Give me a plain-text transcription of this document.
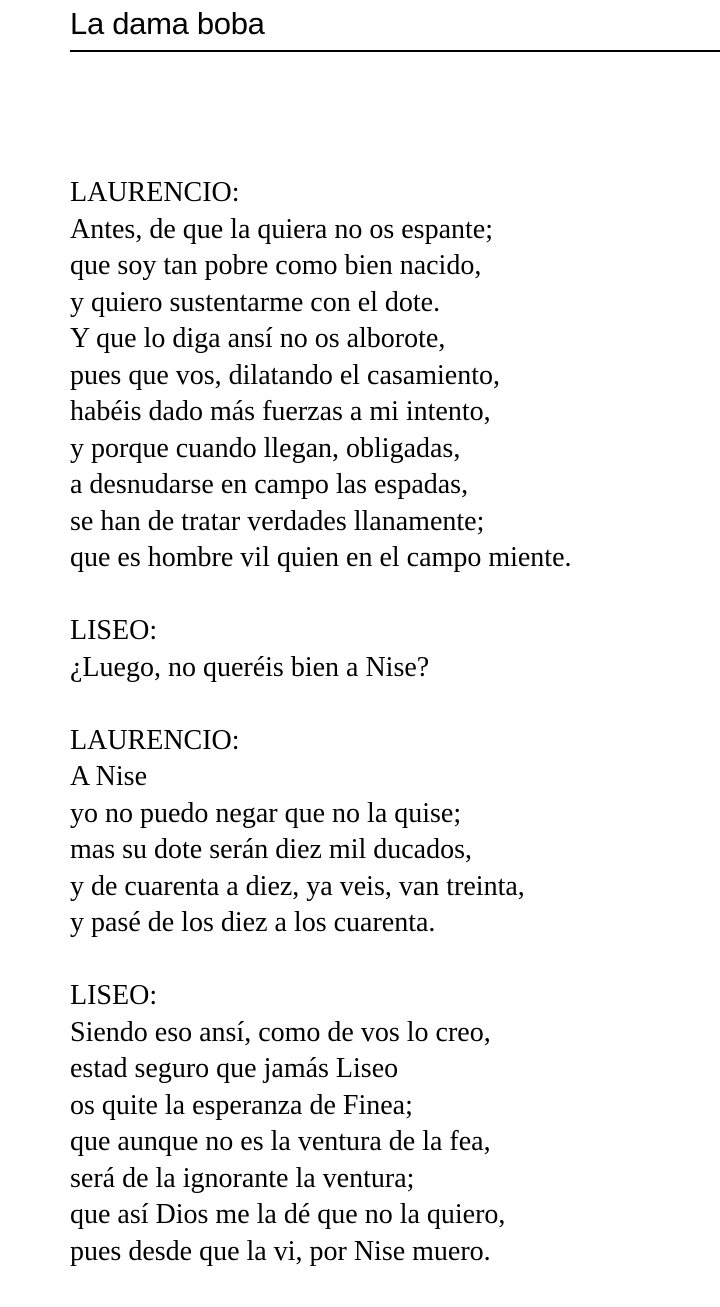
La dama boba
LAURENCIO:
Antes, de que la quiera no os espante;
que soy tan pobre como bien nacido,
y quiero sustentarme con el dote.
Y que lo diga ansí no os alborote,
pues que vos, dilatando el casamiento,
habéis dado más fuerzas a mi intento,
y porque cuando llegan, obligadas,
a desnudarse en campo las espadas,
se han de tratar verdades llanamente;
que es hombre vil quien en el campo miente.
LISEO:
¿Luego, no queréis bien a Nise?
LAURENCIO:
A Nise
yo no puedo negar que no la quise;
mas su dote serán diez mil ducados,
y de cuarenta a diez, ya veis, van treinta,
y pasé de los diez a los cuarenta.
LISEO:
Siendo eso ansí, como de vos lo creo,
estad seguro que jamás Liseo
os quite la esperanza de Finea;
que aunque no es la ventura de la fea,
será de la ignorante la ventura;
que así Dios me la dé que no la quiero,
pues desde que la vi, por Nise muero.
